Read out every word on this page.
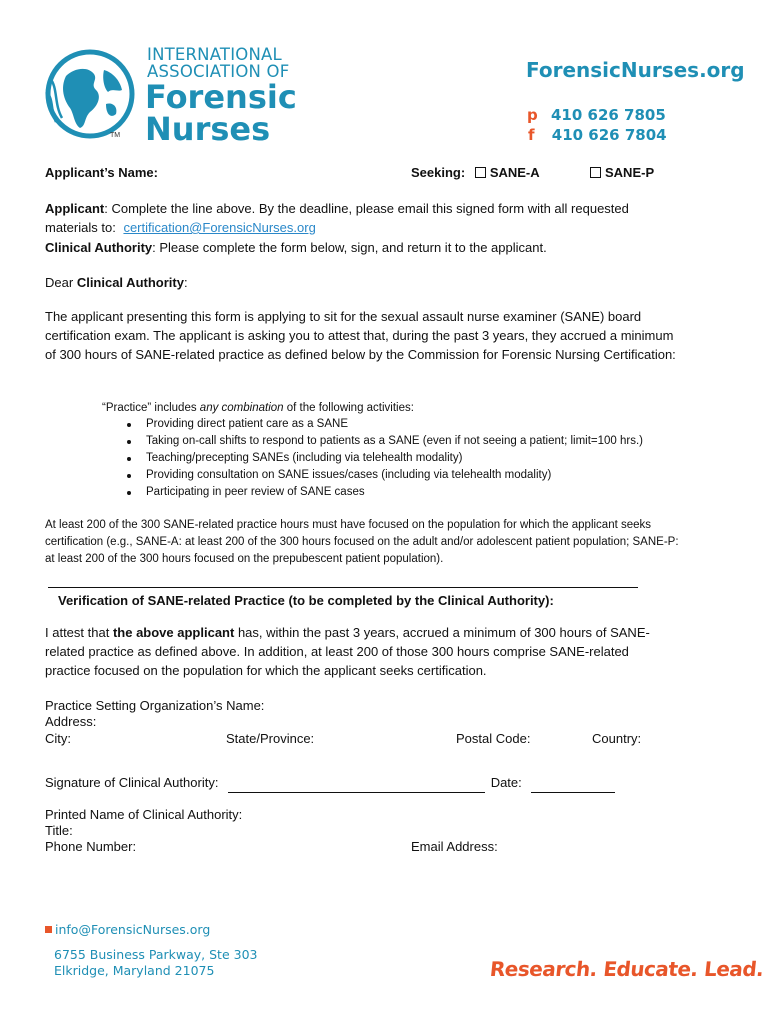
INTERNATIONAL
ASSOCIATION OF
Forensic
Nurses
TM
ForensicNurses.org
p 410 626 7805
f 410 626 7804
Applicant’s Name:	Seeking: SANE-A	SANE-P
Applicant: Complete the line above. By the deadline, please email this signed form with all requested materials to: certification@ForensicNurses.org
Clinical Authority: Please complete the form below, sign, and return it to the applicant.
Dear Clinical Authority:
The applicant presenting this form is applying to sit for the sexual assault nurse examiner (SANE) board certification exam. The applicant is asking you to attest that, during the past 3 years, they accrued a minimum of 300 hours of SANE-related practice as defined below by the Commission for Forensic Nursing Certification:
“Practice” includes any combination of the following activities:
Providing direct patient care as a SANE
Taking on-call shifts to respond to patients as a SANE (even if not seeing a patient; limit=100 hrs.)
Teaching/precepting SANEs (including via telehealth modality)
Providing consultation on SANE issues/cases (including via telehealth modality)
Participating in peer review of SANE cases
At least 200 of the 300 SANE-related practice hours must have focused on the population for which the applicant seeks certification (e.g., SANE-A: at least 200 of the 300 hours focused on the adult and/or adolescent patient population; SANE-P: at least 200 of the 300 hours focused on the prepubescent patient population).
Verification of SANE-related Practice (to be completed by the Clinical Authority):
I attest that the above applicant has, within the past 3 years, accrued a minimum of 300 hours of SANE-related practice as defined above. In addition, at least 200 of those 300 hours comprise SANE-related practice focused on the population for which the applicant seeks certification.
Practice Setting Organization’s Name:
Address:
City:	State/Province:	Postal Code:	Country:
Signature of Clinical Authority:	Date:
Printed Name of Clinical Authority:
Title:
Phone Number:	Email Address:
info@ForensicNurses.org
6755 Business Parkway, Ste 303
Elkridge, Maryland 21075	Research. Educate. Lead.
